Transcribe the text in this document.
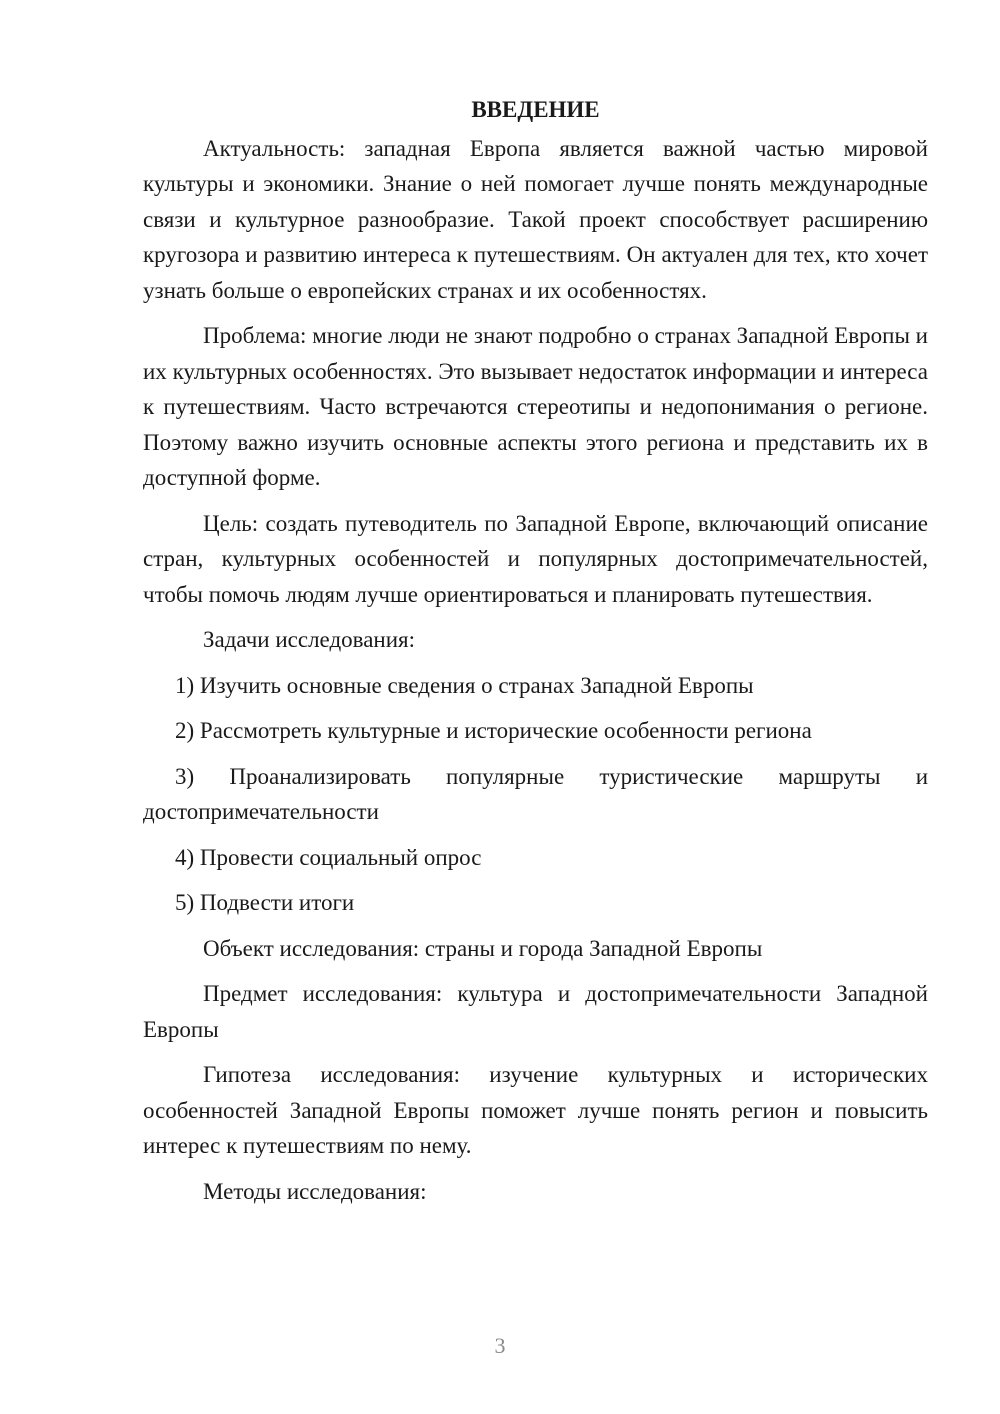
ВВЕДЕНИЕ

Актуальность: западная Европа является важной частью мировой культуры и экономики. Знание о ней помогает лучше понять международные связи и культурное разнообразие. Такой проект способствует расширению кругозора и развитию интереса к путешествиям. Он актуален для тех, кто хочет узнать больше о европейских странах и их особенностях.

Проблема: многие люди не знают подробно о странах Западной Европы и их культурных особенностях. Это вызывает недостаток информации и интереса к путешествиям. Часто встречаются стереотипы и недопонимания о регионе. Поэтому важно изучить основные аспекты этого региона и представить их в доступной форме.

Цель: создать путеводитель по Западной Европе, включающий описание стран, культурных особенностей и популярных достопримечательностей, чтобы помочь людям лучше ориентироваться и планировать путешествия.

Задачи исследования:

1) Изучить основные сведения о странах Западной Европы

2) Рассмотреть культурные и исторические особенности региона

3) Проанализировать популярные туристические маршруты и достопримечательности

4) Провести социальный опрос

5) Подвести итоги

Объект исследования: страны и города Западной Европы

Предмет исследования: культура и достопримечательности Западной Европы

Гипотеза исследования: изучение культурных и исторических особенностей Западной Европы поможет лучше понять регион и повысить интерес к путешествиям по нему.

Методы исследования:

3
